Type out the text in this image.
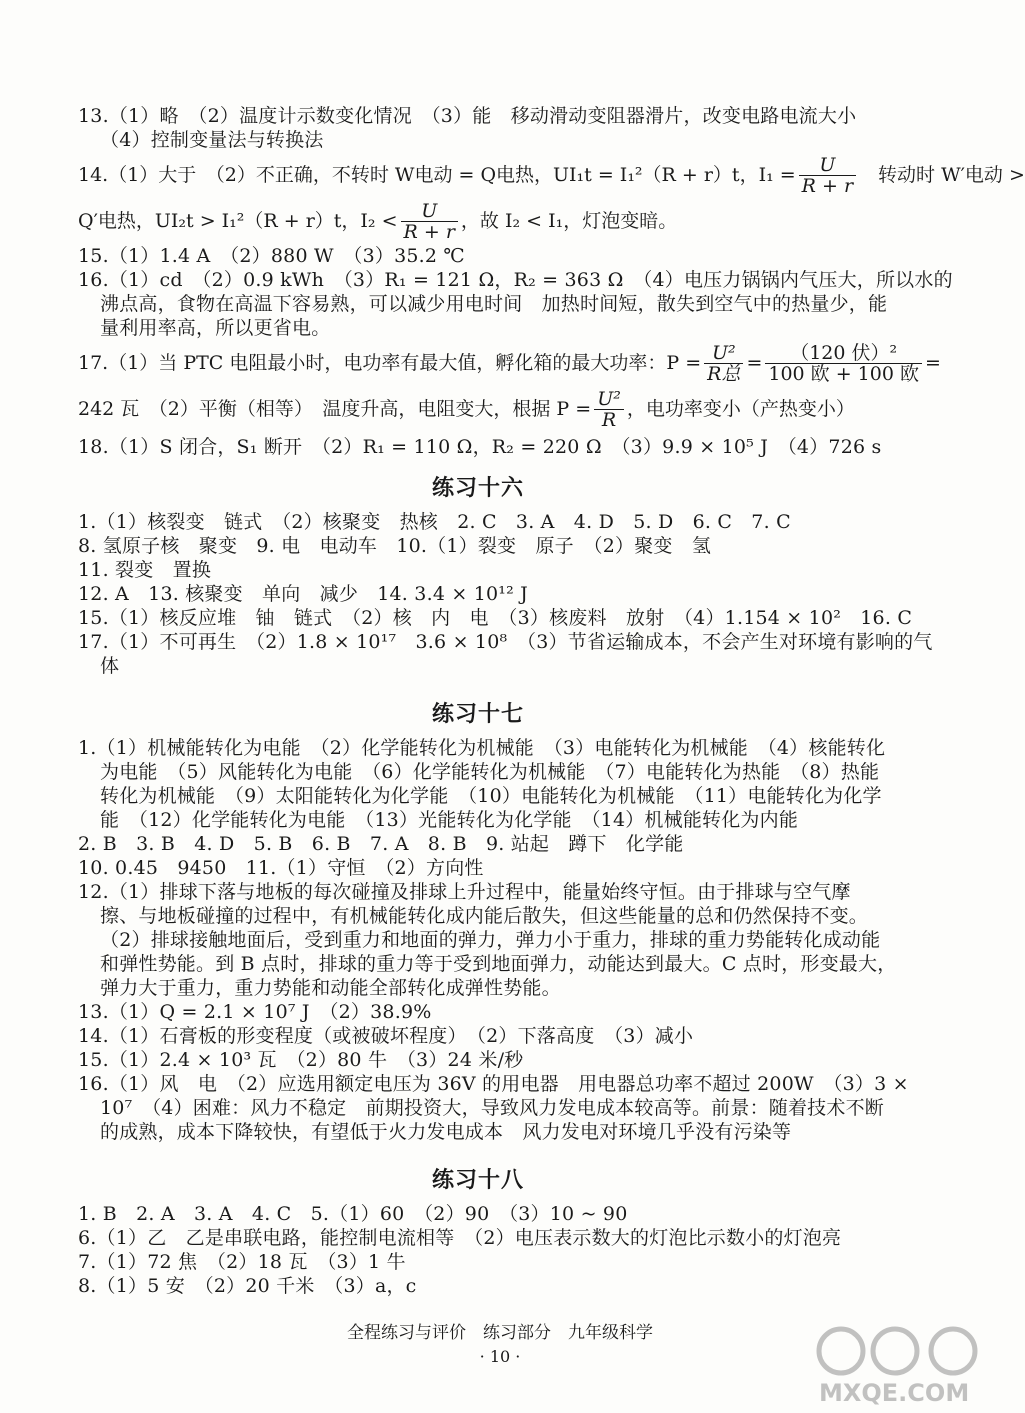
13.（1）略　（2）温度计示数变化情况　（3）能　移动滑动变阻器滑片，改变电路电流大小
（4）控制变量法与转换法
14.（1）大于　（2）不正确，不转时 W电动 = Q电热，UI₁t = I₁²（R + r）t，$I_1 = \frac{U}{R + r}$ 　转动时 W′电动 >
Q′电热，UI₂t > I₁²（R + r）t，$I_2 < \frac{U}{R + r}$ ，故 I₂ < I₁，灯泡变暗。
15.（1）1.4 A　（2）880 W　（3）35.2 ℃
16.（1）cd　（2）0.9 kWh　（3）R₁ = 121 Ω，R₂ = 363 Ω　（4）电压力锅锅内气压大，所以水的
沸点高，食物在高温下容易熟，可以减少用电时间　加热时间短，散失到空气中的热量少，能
量利用率高，所以更省电。
17.（1）当 PTC 电阻最小时，电功率有最大值，孵化箱的最大功率：$P = \frac{\text{U²}}{\text{R总}} = \frac{\text{（120 伏）²}}{\text{100 欧 + 100 欧}}$ =
242 瓦　（2）平衡（相等）　温度升高，电阻变大，根据 $P = \frac{\text{U²}}{R}$ ，电功率变小（产热变小）
18.（1）S 闭合，S₁ 断开　（2）R₁ = 110 Ω，R₂ = 220 Ω　（3）9.9 × 10⁵ J　（4）726 s
练习十六
1.（1）核裂变　链式　（2）核聚变　热核　2. C　3. A　4. D　5. D　6. C　7. C
8. 氢原子核　聚变　9. 电　电动车　10.（1）裂变　原子　（2）聚变　氢
11. 裂变　置换
12. A　13. 核聚变　单向　减少　14. 3.4 × 10¹² J
15.（1）核反应堆　铀　链式　（2）核　内　电　（3）核废料　放射　（4）1.154 × 10²　16. C
17.（1）不可再生　（2）1.8 × 10¹⁷　3.6 × 10⁸　（3）节省运输成本，不会产生对环境有影响的气
体
练习十七
1.（1）机械能转化为电能　（2）化学能转化为机械能　（3）电能转化为机械能　（4）核能转化
为电能　（5）风能转化为电能　（6）化学能转化为机械能　（7）电能转化为热能　（8）热能
转化为机械能　（9）太阳能转化为化学能　（10）电能转化为机械能　（11）电能转化为化学
能　（12）化学能转化为电能　（13）光能转化为化学能　（14）机械能转化为内能
2. B　3. B　4. D　5. B　6. B　7. A　8. B　9. 站起　蹲下　化学能
10. 0.45　9450　11.（1）守恒　（2）方向性
12.（1）排球下落与地板的每次碰撞及排球上升过程中，能量始终守恒。由于排球与空气摩
擦、与地板碰撞的过程中，有机械能转化成内能后散失，但这些能量的总和仍然保持不变。
（2）排球接触地面后，受到重力和地面的弹力，弹力小于重力，排球的重力势能转化成动能
和弹性势能。到 B 点时，排球的重力等于受到地面弹力，动能达到最大。C 点时，形变最大，
弹力大于重力，重力势能和动能全部转化成弹性势能。
13.（1）Q = 2.1 × 10⁷ J　（2）38.9%
14.（1）石膏板的形变程度（或被破坏程度）　（2）下落高度　（3）减小
15.（1）2.4 × 10³ 瓦　（2）80 牛　（3）24 米/秒
16.（1）风　电　（2）应选用额定电压为 36V 的用电器　用电器总功率不超过 200W　（3）3 ×
10⁷　（4）困难：风力不稳定　前期投资大，导致风力发电成本较高等。前景：随着技术不断
的成熟，成本下降较快，有望低于火力发电成本　风力发电对环境几乎没有污染等
练习十八
1. B　2. A　3. A　4. C　5.（1）60　（2）90　（3）10 ~ 90
6.（1）乙　乙是串联电路，能控制电流相等　（2）电压表示数大的灯泡比示数小的灯泡亮
7.（1）72 焦　（2）18 瓦　（3）1 牛
8.（1）5 安　（2）20 千米　（3）a，c
全程练习与评价　练习部分　九年级科学
· 10 ·
MXQE.COM
